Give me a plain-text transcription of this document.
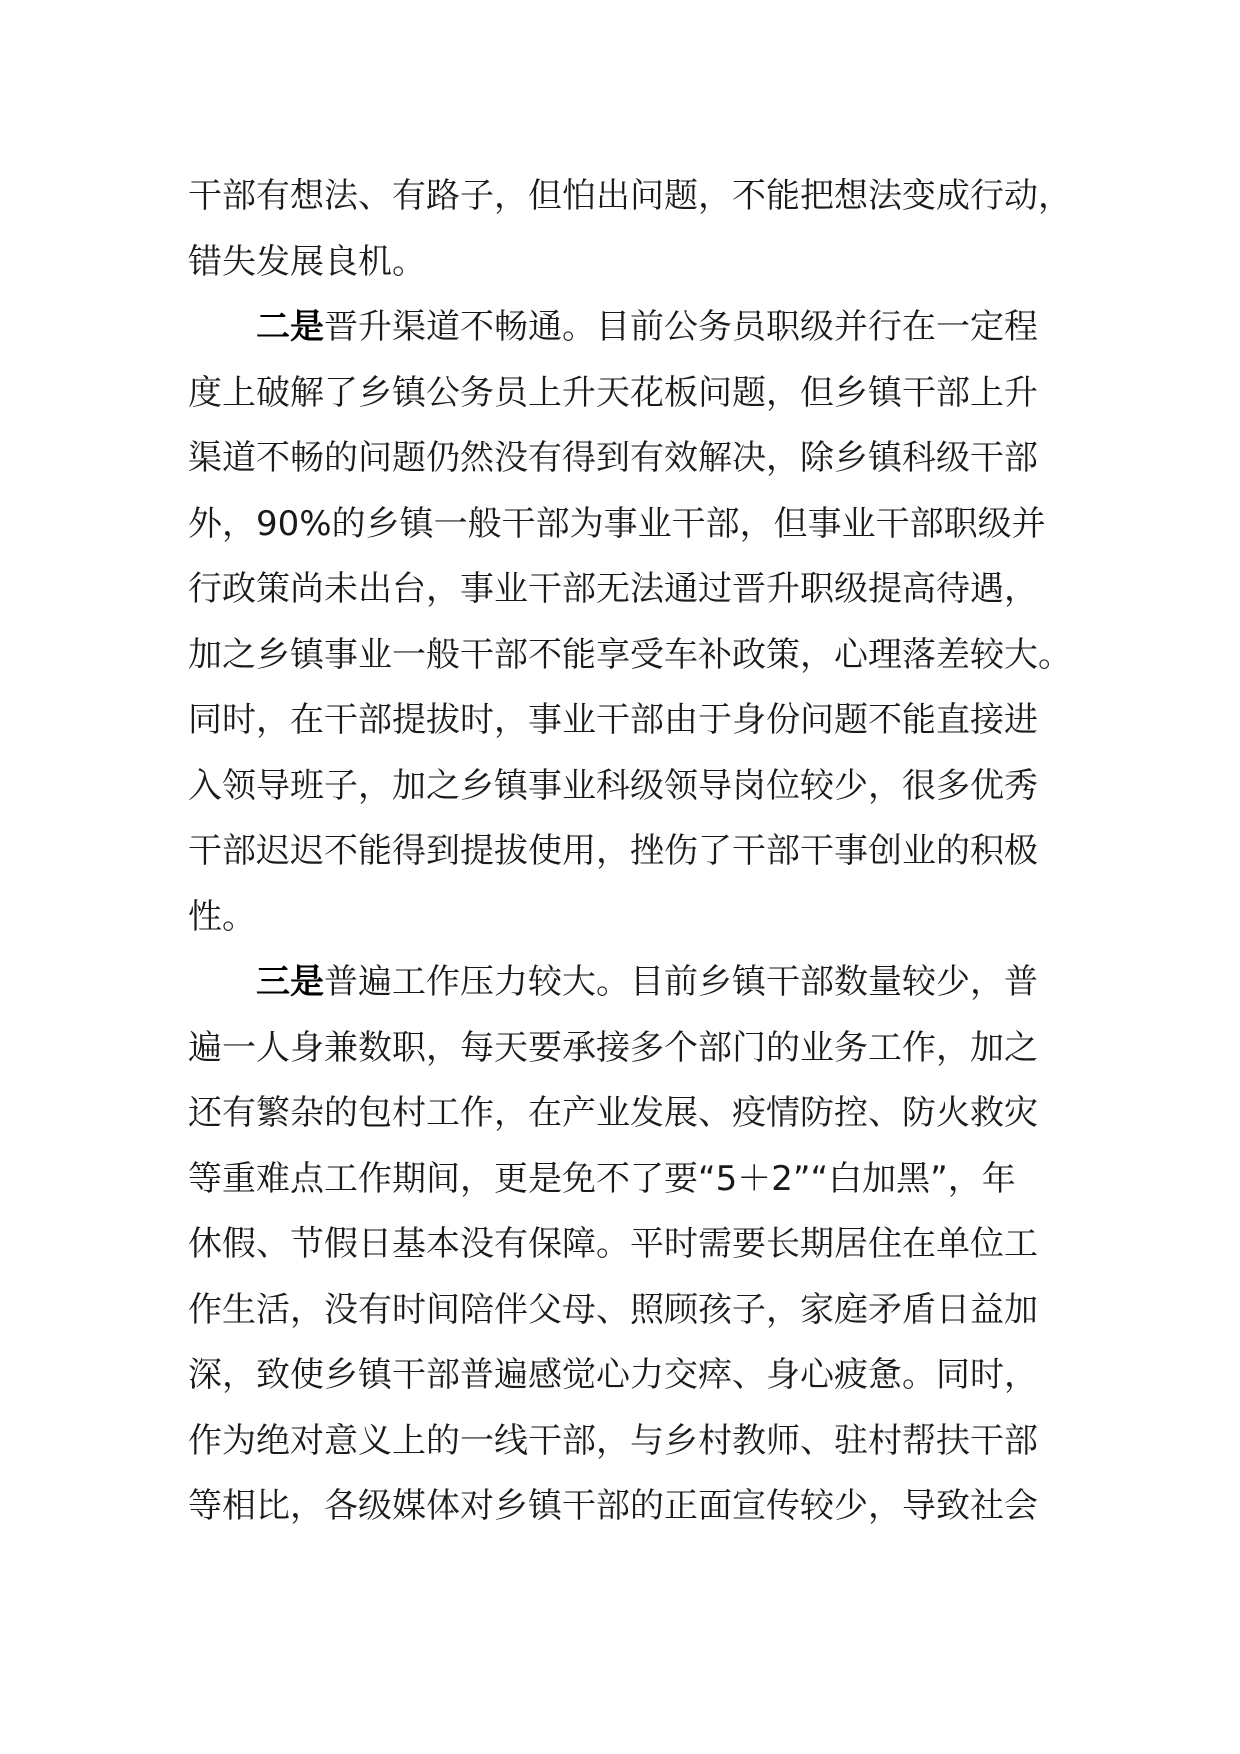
干部有想法、有路子，但怕出问题，不能把想法变成行动，
错失发展良机。
二是晋升渠道不畅通。目前公务员职级并行在一定程
度上破解了乡镇公务员上升天花板问题，但乡镇干部上升
渠道不畅的问题仍然没有得到有效解决，除乡镇科级干部
外，90%的乡镇一般干部为事业干部，但事业干部职级并
行政策尚未出台，事业干部无法通过晋升职级提高待遇，
加之乡镇事业一般干部不能享受车补政策，心理落差较大。
同时，在干部提拔时，事业干部由于身份问题不能直接进
入领导班子，加之乡镇事业科级领导岗位较少，很多优秀
干部迟迟不能得到提拔使用，挫伤了干部干事创业的积极
性。
三是普遍工作压力较大。目前乡镇干部数量较少，普
遍一人身兼数职，每天要承接多个部门的业务工作，加之
还有繁杂的包村工作，在产业发展、疫情防控、防火救灾
等重难点工作期间，更是免不了要“5＋2”“白加黑”，年
休假、节假日基本没有保障。平时需要长期居住在单位工
作生活，没有时间陪伴父母、照顾孩子，家庭矛盾日益加
深，致使乡镇干部普遍感觉心力交瘁、身心疲惫。同时，
作为绝对意义上的一线干部，与乡村教师、驻村帮扶干部
等相比，各级媒体对乡镇干部的正面宣传较少，导致社会
